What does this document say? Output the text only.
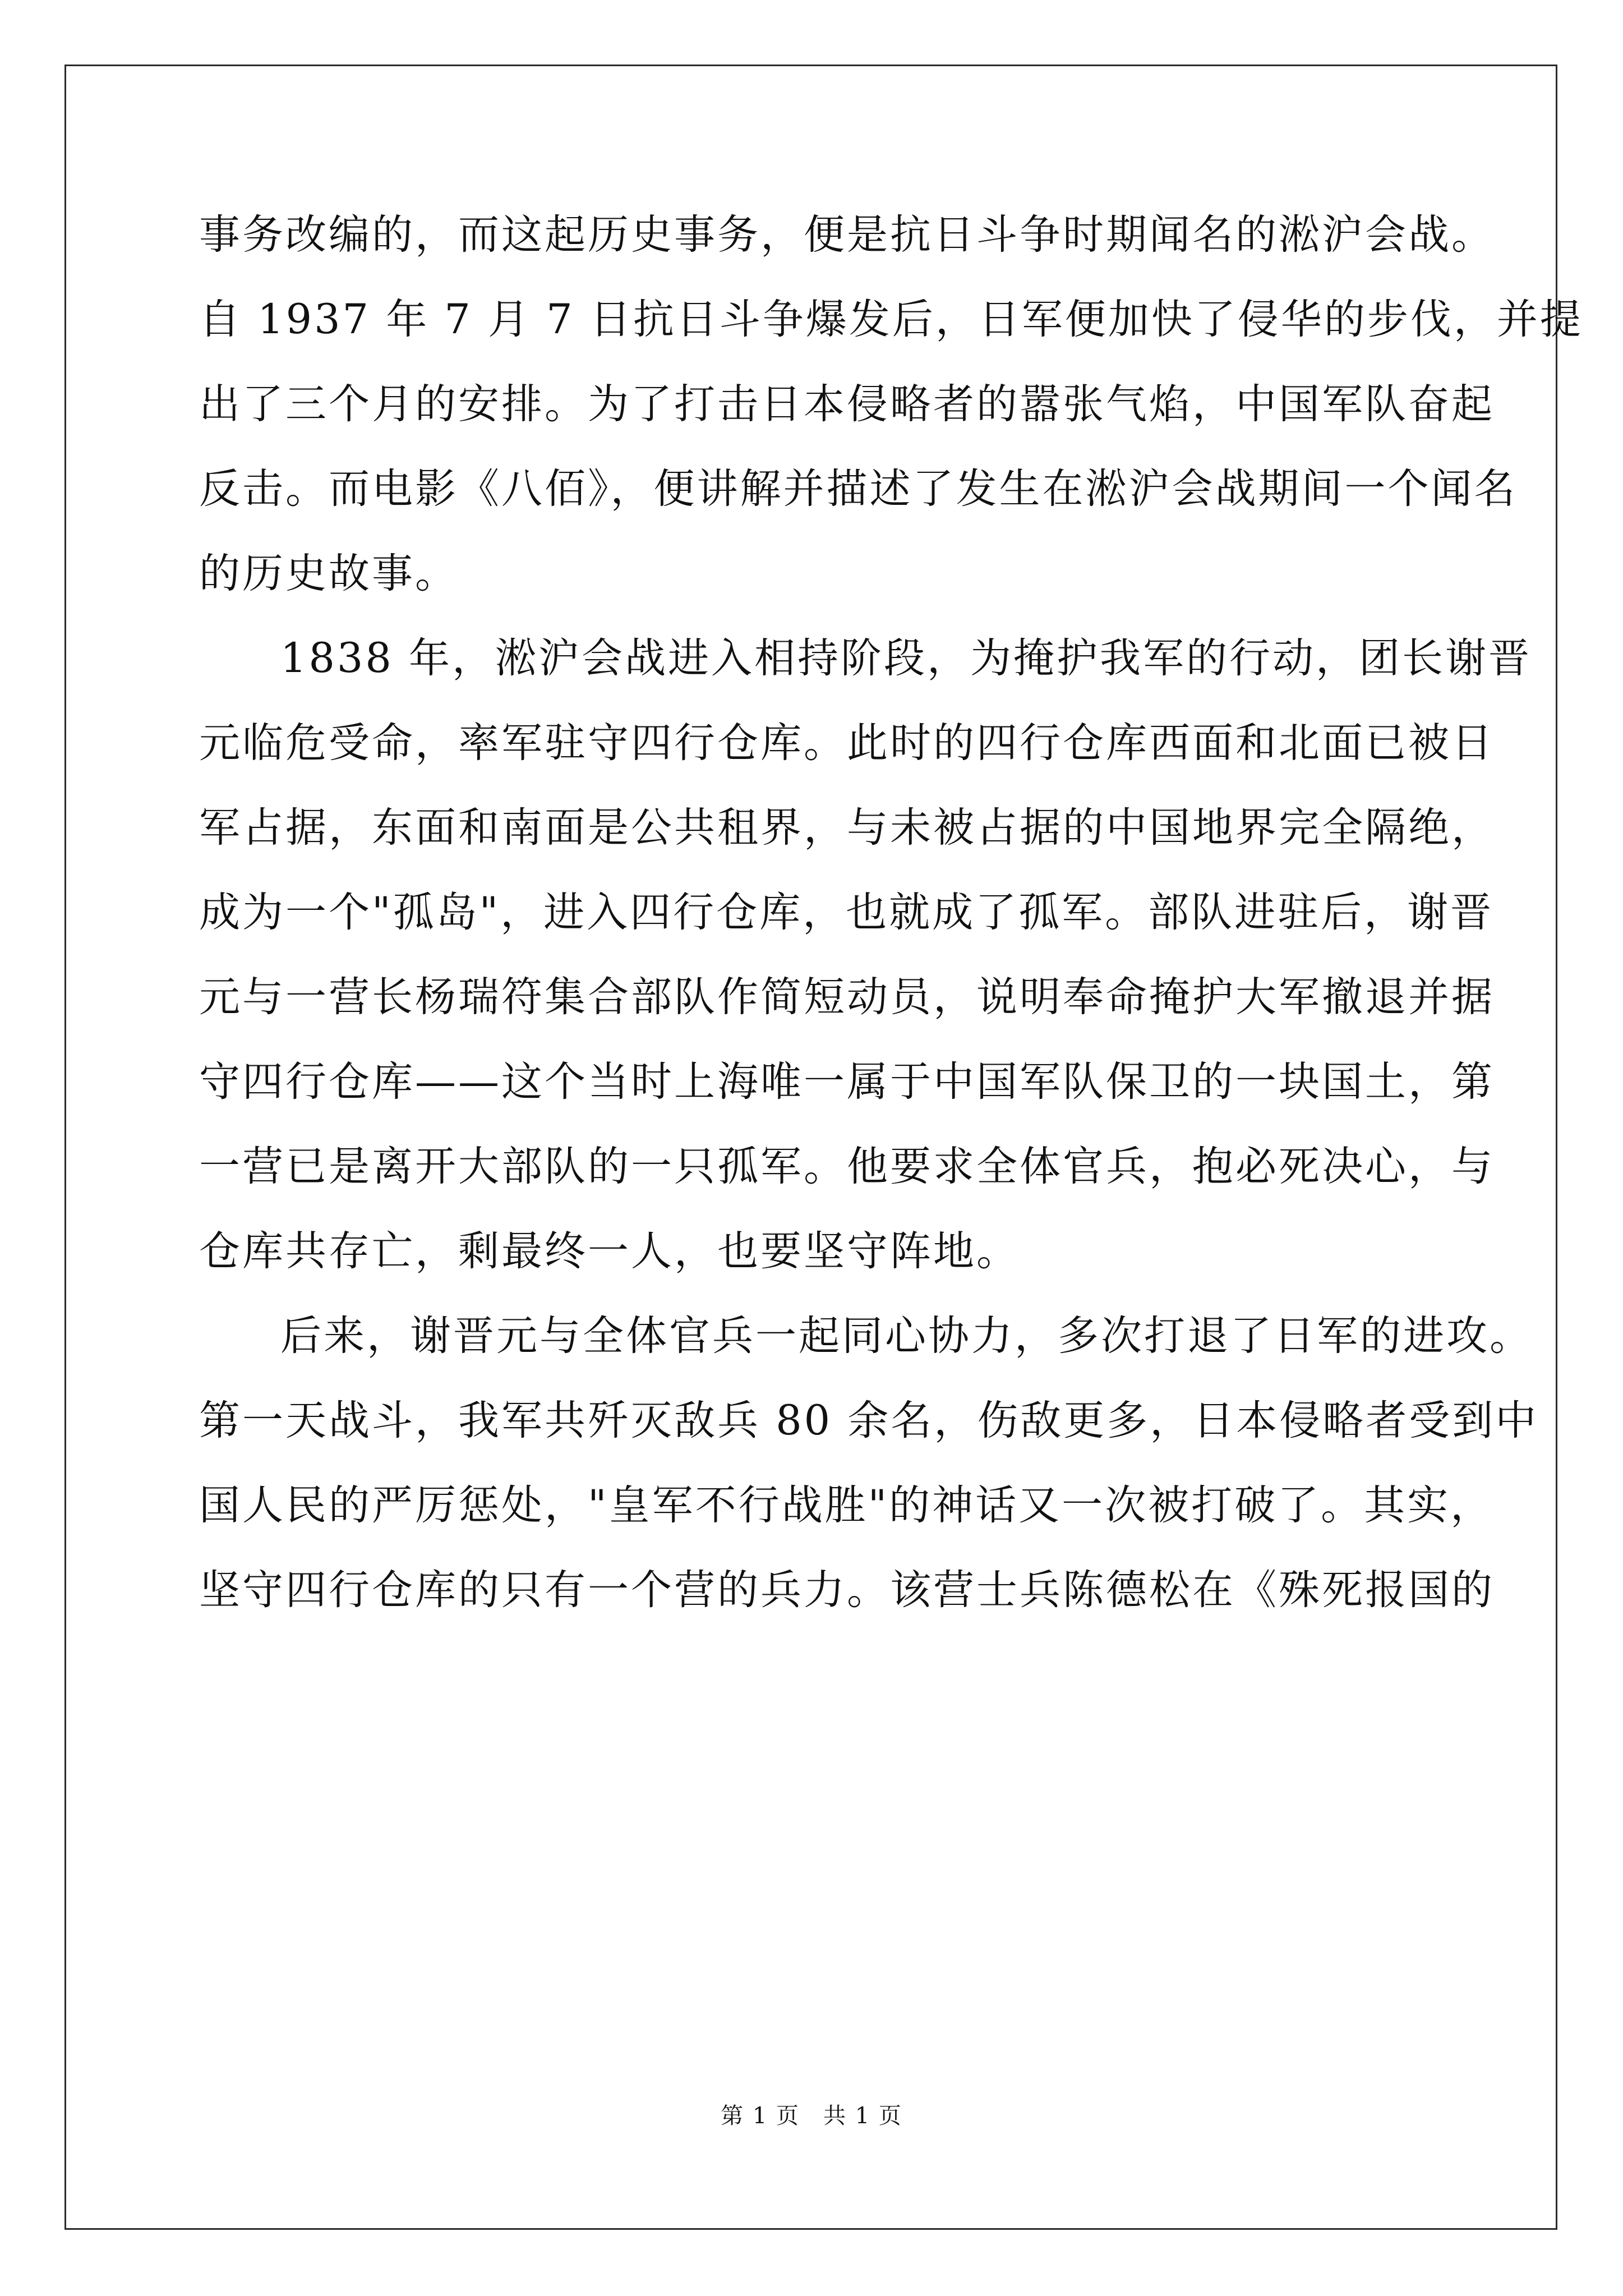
事务改编的，而这起历史事务，便是抗日斗争时期闻名的淞沪会战。
自 1937 年 7 月 7 日抗日斗争爆发后，日军便加快了侵华的步伐，并提
出了三个月的安排。为了打击日本侵略者的嚣张气焰，中国军队奋起
反击。而电影《八佰》，便讲解并描述了发生在淞沪会战期间一个闻名
的历史故事。
1838 年，淞沪会战进入相持阶段，为掩护我军的行动，团长谢晋
元临危受命，率军驻守四行仓库。此时的四行仓库西面和北面已被日
军占据，东面和南面是公共租界，与未被占据的中国地界完全隔绝，
成为一个"孤岛"，进入四行仓库，也就成了孤军。部队进驻后，谢晋
元与一营长杨瑞符集合部队作简短动员，说明奉命掩护大军撤退并据
守四行仓库——这个当时上海唯一属于中国军队保卫的一块国土，第
一营已是离开大部队的一只孤军。他要求全体官兵，抱必死决心，与
仓库共存亡，剩最终一人，也要坚守阵地。
后来，谢晋元与全体官兵一起同心协力，多次打退了日军的进攻。
第一天战斗，我军共歼灭敌兵 80 余名，伤敌更多，日本侵略者受到中
国人民的严厉惩处，"皇军不行战胜"的神话又一次被打破了。其实，
坚守四行仓库的只有一个营的兵力。该营士兵陈德松在《殊死报国的
第 1 页　共 1 页
